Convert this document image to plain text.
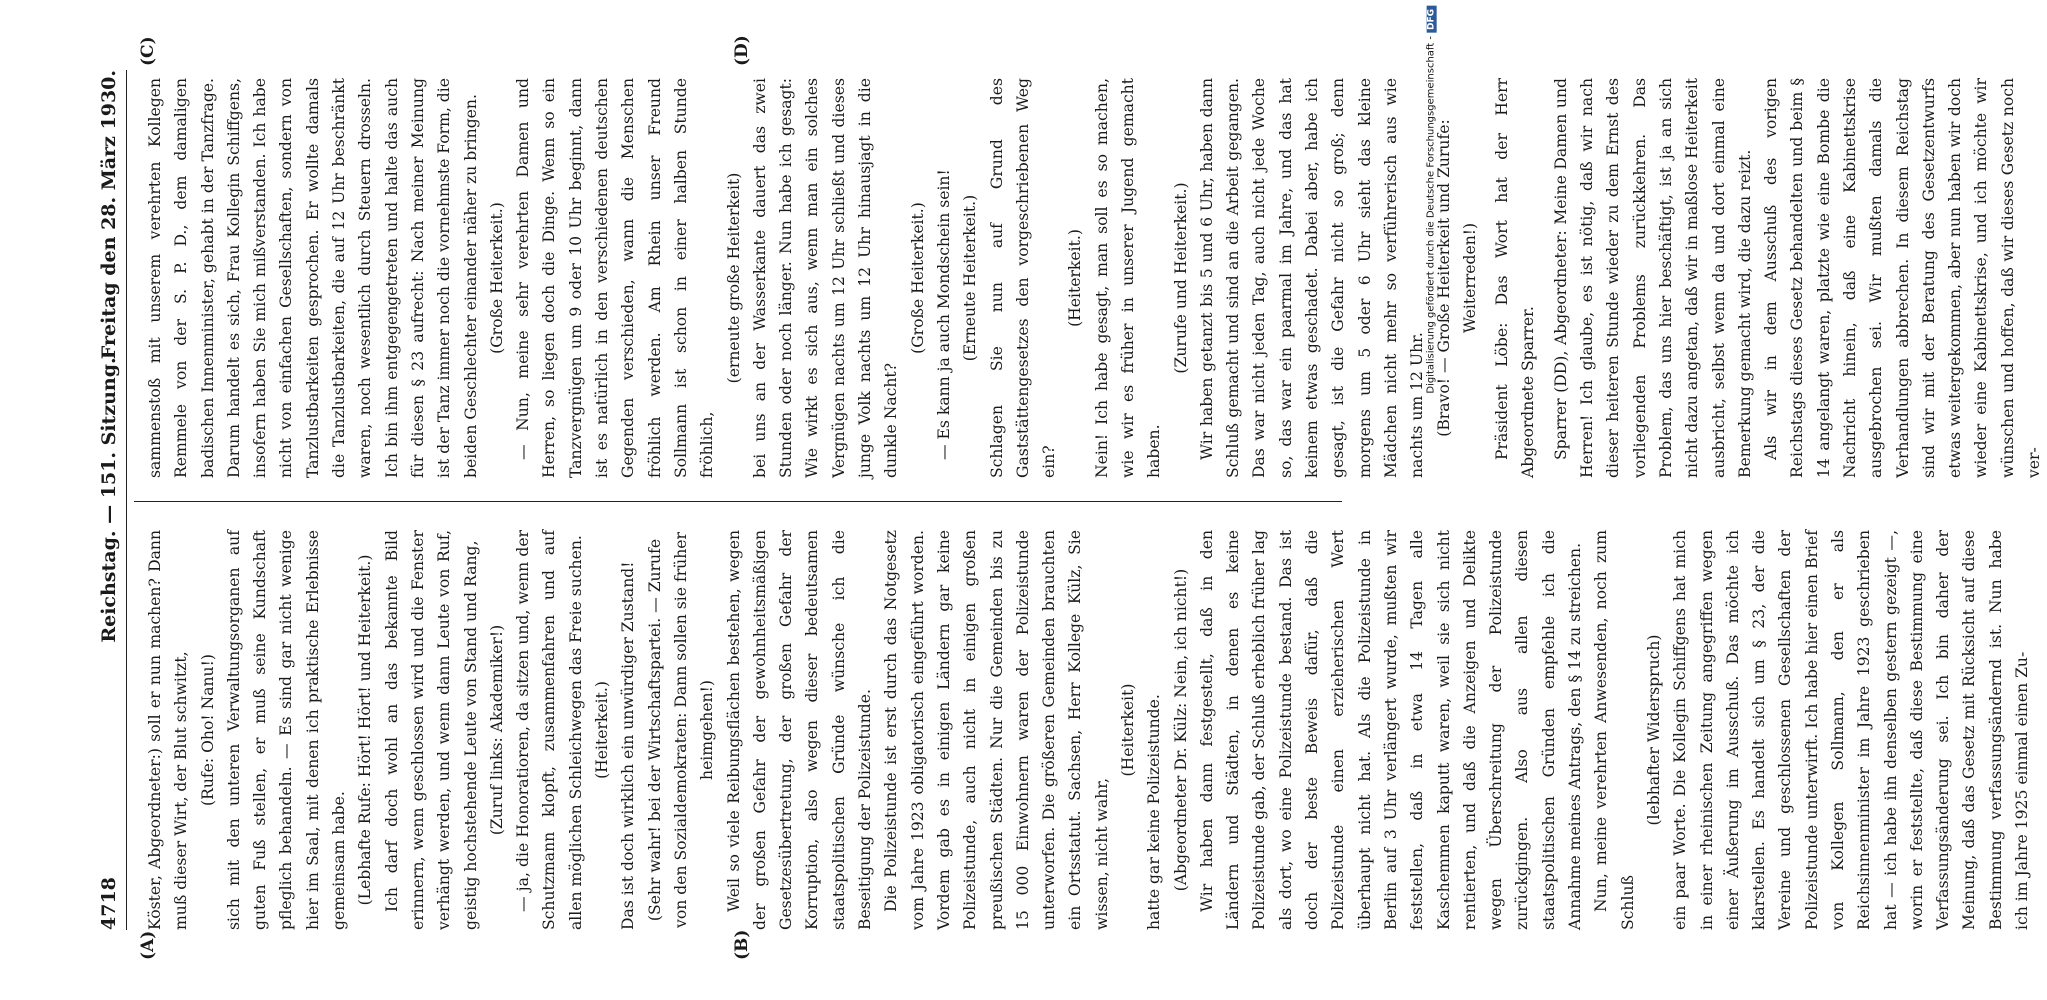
4718
Reichstag. — 151. Sitzung.
Freitag den 28. März 1930.
(A)	(B)
(C)	(D)

Köster, Abgeordneter:) soll er nun machen? Dann muß dieser Wirt, der Blut schwitzt, (Rufe: Oho! Nanu!) sich mit den unteren Verwaltungsorganen auf guten Fuß stellen, er muß seine Kundschaft pfleglich behandeln. — Es sind gar nicht wenige hier im Saal, mit denen ich praktische Erlebnisse gemeinsam habe. (Lebhafte Rufe: Hört! Hört! und Heiterkeit.) Ich darf doch wohl an das bekannte Bild erinnern, wenn geschlossen wird und die Fenster verhängt werden, und wenn dann Leute von Ruf, geistig hochstehende Leute von Stand und Rang, (Zuruf links: Akademiker!) — ja, die Honoratioren, da sitzen und, wenn der Schutzmann klopft, zusammenfahren und auf allen möglichen Schleichwegen das Freie suchen. (Heiterkeit.) Das ist doch wirklich ein unwürdiger Zustand! (Sehr wahr! bei der Wirtschaftspartei. — Zurufe von den Sozialdemokraten: Dann sollen sie früher heimgehen!) Weil so viele Reibungsflächen bestehen, wegen der großen Gefahr der gewohnheitsmäßigen Gesetzesübertretung, der großen Gefahr der Korruption, also wegen dieser bedeutsamen staatspolitischen Gründe wünsche ich die Beseitigung der Polizeistunde. Die Polizeistunde ist erst durch das Notgesetz vom Jahre 1923 obligatorisch eingeführt worden. Vordem gab es in einigen Ländern gar keine Polizeistunde, auch nicht in einigen großen preußischen Städten. Nur die Gemeinden bis zu 15 000 Einwohnern waren der Polizeistunde unterworfen. Die größeren Gemeinden brauchten ein Ortsstatut. Sachsen, Herr Kollege Külz, Sie wissen, nicht wahr,

(Heiterkeit) hatte gar keine Polizeistunde. (Abgeordneter Dr. Külz: Nein, ich nicht!) Wir haben dann festgestellt, daß in den Ländern und Städten, in denen es keine Polizeistunde gab, der Schluß erheblich früher lag als dort, wo eine Polizeistunde bestand. Das ist doch der beste Beweis dafür, daß die Polizeistunde einen erzieherischen Wert überhaupt nicht hat. Als die Polizeistunde in Berlin auf 3 Uhr verlängert wurde, mußten wir feststellen, daß in etwa 14 Tagen alle Kaschemmen kaputt waren, weil sie sich nicht rentierten, und daß die Anzeigen und Delikte wegen Überschreitung der Polizeistunde zurückgingen. Also aus allen diesen staatspolitischen Gründen empfehle ich die Annahme meines Antrags, den § 14 zu streichen. Nun, meine verehrten Anwesenden, noch zum Schluß

(lebhafter Widerspruch) ein paar Worte. Die Kollegin Schiffgens hat mich in einer rheinischen Zeitung angegriffen wegen einer Äußerung im Ausschuß. Das möchte ich klarstellen. Es handelt sich um § 23, der die Vereine und geschlossenen Gesellschaften der Polizeistunde unterwirft. Ich habe hier einen Brief von Kollegen Sollmann, den er als Reichsinnenminister im Jahre 1923 geschrieben hat — ich habe ihn denselben gestern gezeigt —, worin er feststellte, daß diese Bestimmung eine Verfassungsänderung sei. Ich bin daher der Meinung, daß das Gesetz mit Rücksicht auf diese Bestimmung verfassungsändernd ist. Nun habe ich im Jahre 1925 einmal einen Zu-

sammenstoß mit unserem verehrten Kollegen Remmele von der S. P. D., dem damaligen badischen Innenminister, gehabt in der Tanzfrage. Darum handelt es sich, Frau Kollegin Schiffgens, insofern haben Sie mich mißverstanden. Ich habe nicht von einfachen Gesellschaften, sondern von Tanzlustbarkeiten gesprochen. Er wollte damals die Tanzlustbarkeiten, die auf 12 Uhr beschränkt waren, noch wesentlich durch Steuern drosseln. Ich bin ihm entgegengetreten und halte das auch für diesen § 23 aufrecht: Nach meiner Meinung ist der Tanz immer noch die vornehmste Form, die beiden Geschlechter einander näher zu bringen. (Große Heiterkeit.) — Nun, meine sehr verehrten Damen und Herren, so liegen doch die Dinge. Wenn so ein Tanzvergnügen um 9 oder 10 Uhr beginnt, dann ist es natürlich in den verschiedenen deutschen Gegenden verschieden, wann die Menschen fröhlich werden. Am Rhein unser Freund Sollmann ist schon in einer halben Stunde fröhlich,

(erneute große Heiterkeit) bei uns an der Wasserkante dauert das zwei Stunden oder noch länger. Nun habe ich gesagt: Wie wirkt es sich aus, wenn man ein solches Vergnügen nachts um 12 Uhr schließt und dieses junge Volk nachts um 12 Uhr hinausjagt in die dunkle Nacht?

(Große Heiterkeit.) — Es kann ja auch Mondschein sein! (Erneute Heiterkeit.) Schlagen Sie nun auf Grund des Gaststättengesetzes den vorgeschriebenen Weg ein?

(Heiterkeit.) Nein! Ich habe gesagt, man soll es so machen, wie wir es früher in unserer Jugend gemacht haben.

(Zurufe und Heiterkeit.) Wir haben getanzt bis 5 und 6 Uhr, haben dann Schluß gemacht und sind an die Arbeit gegangen. Das war nicht jeden Tag, auch nicht jede Woche so, das war ein paarmal im Jahre, und das hat keinem etwas geschadet. Dabei aber, habe ich gesagt, ist die Gefahr nicht so groß; denn morgens um 5 oder 6 Uhr sieht das kleine Mädchen nicht mehr so verführerisch aus wie nachts um 12 Uhr. (Bravo! — Große Heiterkeit und Zurufe: Weiterreden!) Präsident Löbe: Das Wort hat der Herr Abgeordnete Sparrer. Sparrer (DD), Abgeordneter: Meine Damen und Herren! Ich glaube, es ist nötig, daß wir nach dieser heiteren Stunde wieder zu dem Ernst des vorliegenden Problems zurückkehren. Das Problem, das uns hier beschäftigt, ist ja an sich nicht dazu angetan, daß wir in maßlose Heiterkeit ausbricht, selbst wenn da und dort einmal eine Bemerkung gemacht wird, die dazu reizt. Als wir in dem Ausschuß des vorigen Reichstags dieses Gesetz behandelten und beim § 14 angelangt waren, platzte wie eine Bombe die Nachricht hinein, daß eine Kabinettskrise ausgebrochen sei. Wir mußten damals die Verhandlungen abbrechen. In diesem Reichstag sind wir mit der Beratung des Gesetzentwurfs etwas weitergekommen, aber nun haben wir doch wieder eine Kabinettskrise, und ich möchte wir wünschen und hoffen, daß wir dieses Gesetz noch ver-

Digitalisierung gefördert durch die Deutsche Forschungsgemeinschaft -DFG
